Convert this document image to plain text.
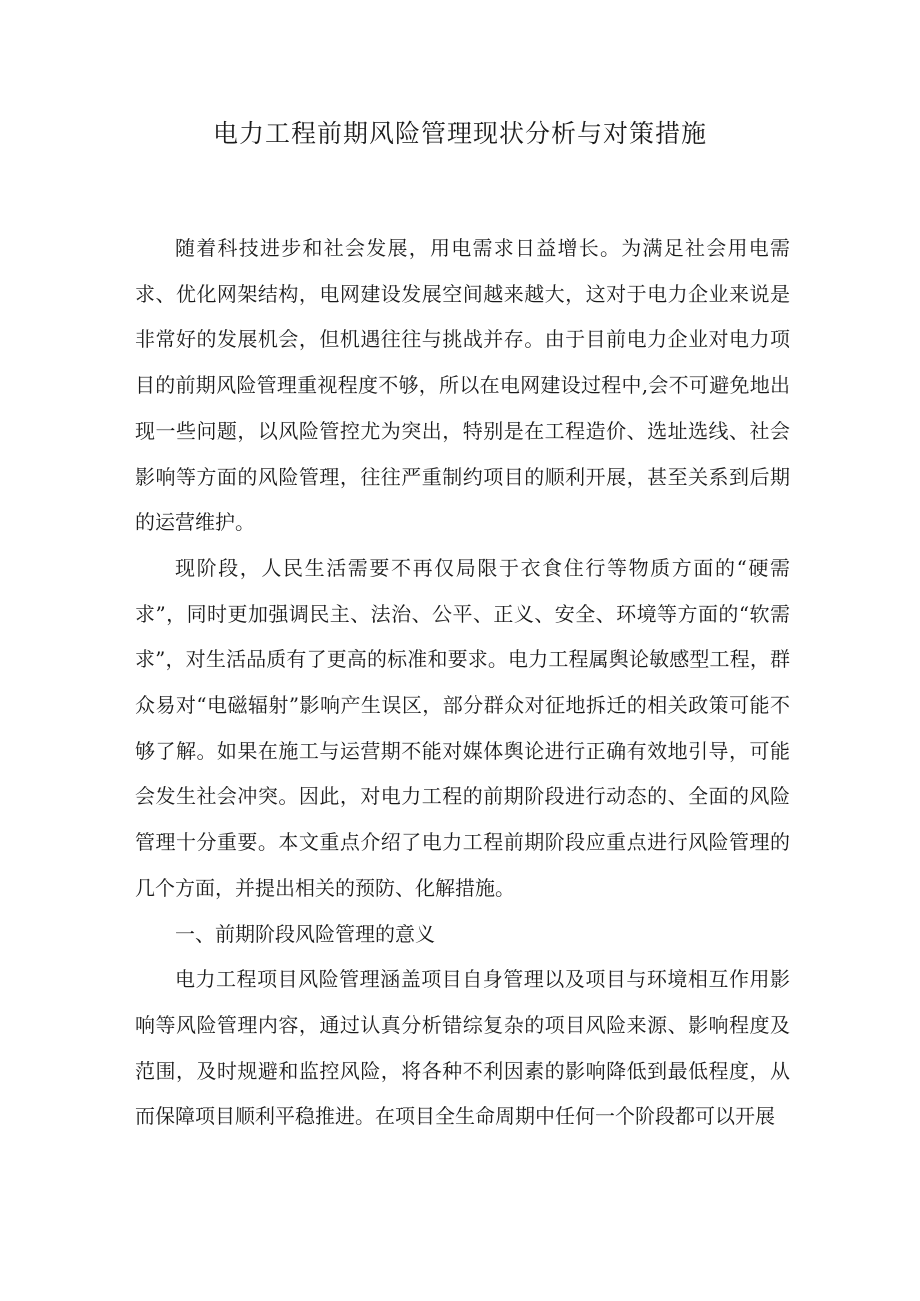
电力工程前期风险管理现状分析与对策措施

随着科技进步和社会发展，用电需求日益增长。为满足社会用电需求、优化网架结构，电网建设发展空间越来越大，这对于电力企业来说是非常好的发展机会，但机遇往往与挑战并存。由于目前电力企业对电力项目的前期风险管理重视程度不够，所以在电网建设过程中,会不可避免地出现一些问题，以风险管控尤为突出，特别是在工程造价、选址选线、社会影响等方面的风险管理，往往严重制约项目的顺利开展，甚至关系到后期的运营维护。

现阶段，人民生活需要不再仅局限于衣食住行等物质方面的“硬需求”，同时更加强调民主、法治、公平、正义、安全、环境等方面的“软需求”，对生活品质有了更高的标准和要求。电力工程属舆论敏感型工程，群众易对“电磁辐射”影响产生误区，部分群众对征地拆迁的相关政策可能不够了解。如果在施工与运营期不能对媒体舆论进行正确有效地引导，可能会发生社会冲突。因此，对电力工程的前期阶段进行动态的、全面的风险管理十分重要。本文重点介绍了电力工程前期阶段应重点进行风险管理的几个方面，并提出相关的预防、化解措施。

一、前期阶段风险管理的意义

电力工程项目风险管理涵盖项目自身管理以及项目与环境相互作用影响等风险管理内容，通过认真分析错综复杂的项目风险来源、影响程度及范围，及时规避和监控风险，将各种不利因素的影响降低到最低程度，从而保障项目顺利平稳推进。在项目全生命周期中任何一个阶段都可以开展
